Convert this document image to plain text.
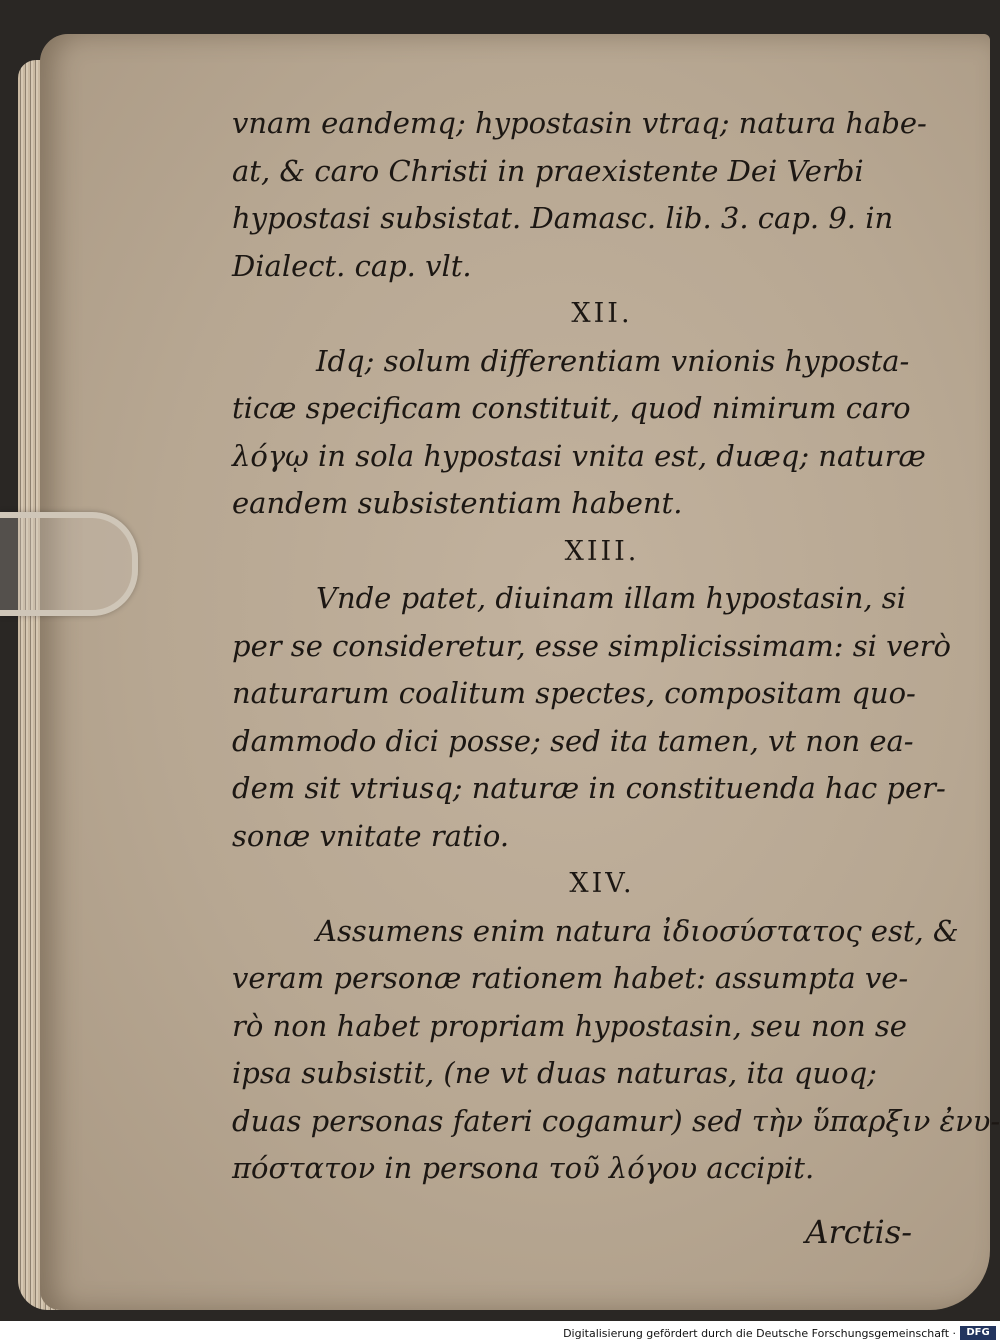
vnam eandemq; hypostasin vtraq; natura habe-
at, & caro Christi in praexistente Dei Verbi
hypostasi subsistat. Damasc. lib. 3. cap. 9. in
Dialect. cap. vlt.
XII.
Idq; solum differentiam vnionis hyposta-
ticæ specificam constituit, quod nimirum caro
λόγῳ in sola hypostasi vnita est, duæq; naturæ
eandem subsistentiam habent.
XIII.
Vnde patet, diuinam illam hypostasin, si
per se consideretur, esse simplicissimam: si verò
naturarum coalitum spectes, compositam quo-
dammodo dici posse; sed ita tamen, vt non ea-
dem sit vtriusq; naturæ in constituenda hac per-
sonæ vnitate ratio.
XIV.
Assumens enim natura ἰδιοσύστατος est, &
veram personæ rationem habet: assumpta ve-
rò non habet propriam hypostasin, seu non se
ipsa subsistit, (ne vt duas naturas, ita quoq;
duas personas fateri cogamur) sed τὴν ὕπαρξιν ἐνυ-
πόστατον in persona τοῦ λόγου accipit.
Arctis-
Digitalisierung gefördert durch die Deutsche Forschungsgemeinschaft ·	DFG
